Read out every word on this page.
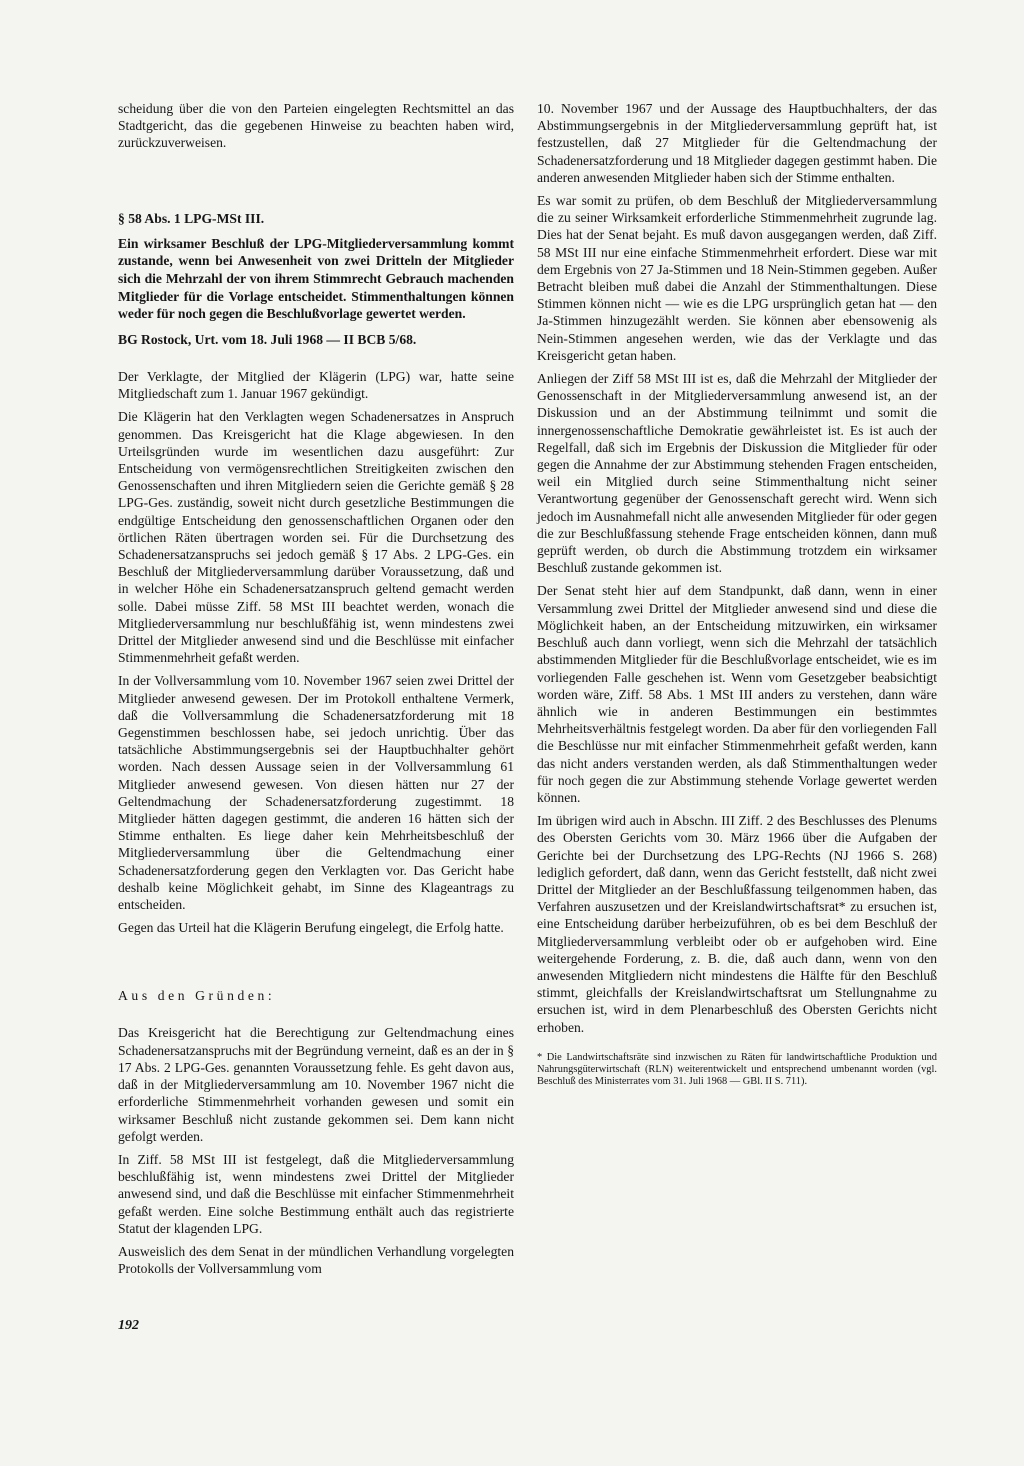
scheidung über die von den Parteien eingelegten Rechtsmittel an das Stadtgericht, das die gegebenen Hinweise zu beachten haben wird, zurückzuverweisen.

§ 58 Abs. 1 LPG-MSt III.
Ein wirksamer Beschluß der LPG-Mitgliederversammlung kommt zustande, wenn bei Anwesenheit von zwei Dritteln der Mitglieder sich die Mehrzahl der von ihrem Stimmrecht Gebrauch machenden Mitglieder für die Vorlage entscheidet. Stimmenthaltungen können weder für noch gegen die Beschlußvorlage gewertet werden.
BG Rostock, Urt. vom 18. Juli 1968 — II BCB 5/68.

Der Verklagte, der Mitglied der Klägerin (LPG) war, hatte seine Mitgliedschaft zum 1. Januar 1967 gekündigt.

Die Klägerin hat den Verklagten wegen Schadenersatzes in Anspruch genommen. Das Kreisgericht hat die Klage abgewiesen. In den Urteilsgründen wurde im wesentlichen dazu ausgeführt: Zur Entscheidung von vermögensrechtlichen Streitigkeiten zwischen den Genossenschaften und ihren Mitgliedern seien die Gerichte gemäß § 28 LPG-Ges. zuständig, soweit nicht durch gesetzliche Bestimmungen die endgültige Entscheidung den genossenschaftlichen Organen oder den örtlichen Räten übertragen worden sei. Für die Durchsetzung des Schadenersatzanspruchs sei jedoch gemäß § 17 Abs. 2 LPG-Ges. ein Beschluß der Mitgliederversammlung darüber Voraussetzung, daß und in welcher Höhe ein Schadenersatzanspruch geltend gemacht werden solle. Dabei müsse Ziff. 58 MSt III beachtet werden, wonach die Mitgliederversammlung nur beschlußfähig ist, wenn mindestens zwei Drittel der Mitglieder anwesend sind und die Beschlüsse mit einfacher Stimmenmehrheit gefaßt werden.

In der Vollversammlung vom 10. November 1967 seien zwei Drittel der Mitglieder anwesend gewesen. Der im Protokoll enthaltene Vermerk, daß die Vollversammlung die Schadenersatzforderung mit 18 Gegenstimmen beschlossen habe, sei jedoch unrichtig. Über das tatsächliche Abstimmungsergebnis sei der Hauptbuchhalter gehört worden. Nach dessen Aussage seien in der Vollversammlung 61 Mitglieder anwesend gewesen. Von diesen hätten nur 27 der Geltendmachung der Schadenersatzforderung zugestimmt. 18 Mitglieder hätten dagegen gestimmt, die anderen 16 hätten sich der Stimme enthalten. Es liege daher kein Mehrheitsbeschluß der Mitgliederversammlung über die Geltendmachung einer Schadenersatzforderung gegen den Verklagten vor. Das Gericht habe deshalb keine Möglichkeit gehabt, im Sinne des Klageantrags zu entscheiden.

Gegen das Urteil hat die Klägerin Berufung eingelegt, die Erfolg hatte.

Aus den Gründen:

Das Kreisgericht hat die Berechtigung zur Geltendmachung eines Schadenersatzanspruchs mit der Begründung verneint, daß es an der in § 17 Abs. 2 LPG-Ges. genannten Voraussetzung fehle. Es geht davon aus, daß in der Mitgliederversammlung am 10. November 1967 nicht die erforderliche Stimmenmehrheit vorhanden gewesen und somit ein wirksamer Beschluß nicht zustande gekommen sei. Dem kann nicht gefolgt werden.

In Ziff. 58 MSt III ist festgelegt, daß die Mitgliederversammlung beschlußfähig ist, wenn mindestens zwei Drittel der Mitglieder anwesend sind, und daß die Beschlüsse mit einfacher Stimmenmehrheit gefaßt werden. Eine solche Bestimmung enthält auch das registrierte Statut der klagenden LPG.

Ausweislich des dem Senat in der mündlichen Verhandlung vorgelegten Protokolls der Vollversammlung vom

10. November 1967 und der Aussage des Hauptbuchhalters, der das Abstimmungsergebnis in der Mitgliederversammlung geprüft hat, ist festzustellen, daß 27 Mitglieder für die Geltendmachung der Schadenersatzforderung und 18 Mitglieder dagegen gestimmt haben. Die anderen anwesenden Mitglieder haben sich der Stimme enthalten.

Es war somit zu prüfen, ob dem Beschluß der Mitgliederversammlung die zu seiner Wirksamkeit erforderliche Stimmenmehrheit zugrunde lag. Dies hat der Senat bejaht. Es muß davon ausgegangen werden, daß Ziff. 58 MSt III nur eine einfache Stimmenmehrheit erfordert. Diese war mit dem Ergebnis von 27 Ja-Stimmen und 18 Nein-Stimmen gegeben. Außer Betracht bleiben muß dabei die Anzahl der Stimmenthaltungen. Diese Stimmen können nicht — wie es die LPG ursprünglich getan hat — den Ja-Stimmen hinzugezählt werden. Sie können aber ebensowenig als Nein-Stimmen angesehen werden, wie das der Verklagte und das Kreisgericht getan haben.

Anliegen der Ziff 58 MSt III ist es, daß die Mehrzahl der Mitglieder der Genossenschaft in der Mitgliederversammlung anwesend ist, an der Diskussion und an der Abstimmung teilnimmt und somit die innergenossenschaftliche Demokratie gewährleistet ist. Es ist auch der Regelfall, daß sich im Ergebnis der Diskussion die Mitglieder für oder gegen die Annahme der zur Abstimmung stehenden Fragen entscheiden, weil ein Mitglied durch seine Stimmenthaltung nicht seiner Verantwortung gegenüber der Genossenschaft gerecht wird. Wenn sich jedoch im Ausnahmefall nicht alle anwesenden Mitglieder für oder gegen die zur Beschlußfassung stehende Frage entscheiden können, dann muß geprüft werden, ob durch die Abstimmung trotzdem ein wirksamer Beschluß zustande gekommen ist.

Der Senat steht hier auf dem Standpunkt, daß dann, wenn in einer Versammlung zwei Drittel der Mitglieder anwesend sind und diese die Möglichkeit haben, an der Entscheidung mitzuwirken, ein wirksamer Beschluß auch dann vorliegt, wenn sich die Mehrzahl der tatsächlich abstimmenden Mitglieder für die Beschlußvorlage entscheidet, wie es im vorliegenden Falle geschehen ist. Wenn vom Gesetzgeber beabsichtigt worden wäre, Ziff. 58 Abs. 1 MSt III anders zu verstehen, dann wäre ähnlich wie in anderen Bestimmungen ein bestimmtes Mehrheitsverhältnis festgelegt worden. Da aber für den vorliegenden Fall die Beschlüsse nur mit einfacher Stimmenmehrheit gefaßt werden, kann das nicht anders verstanden werden, als daß Stimmenthaltungen weder für noch gegen die zur Abstimmung stehende Vorlage gewertet werden können.

Im übrigen wird auch in Abschn. III Ziff. 2 des Beschlusses des Plenums des Obersten Gerichts vom 30. März 1966 über die Aufgaben der Gerichte bei der Durchsetzung des LPG-Rechts (NJ 1966 S. 268) lediglich gefordert, daß dann, wenn das Gericht feststellt, daß nicht zwei Drittel der Mitglieder an der Beschlußfassung teilgenommen haben, das Verfahren auszusetzen und der Kreislandwirtschaftsrat* zu ersuchen ist, eine Entscheidung darüber herbeizuführen, ob es bei dem Beschluß der Mitgliederversammlung verbleibt oder ob er aufgehoben wird. Eine weitergehende Forderung, z. B. die, daß auch dann, wenn von den anwesenden Mitgliedern nicht mindestens die Hälfte für den Beschluß stimmt, gleichfalls der Kreislandwirtschaftsrat um Stellungnahme zu ersuchen ist, wird in dem Plenarbeschluß des Obersten Gerichts nicht erhoben.

* Die Landwirtschaftsräte sind inzwischen zu Räten für landwirtschaftliche Produktion und Nahrungsgüterwirtschaft (RLN) weiterentwickelt und entsprechend umbenannt worden (vgl. Beschluß des Ministerrates vom 31. Juli 1968 — GBl. II S. 711).
192
